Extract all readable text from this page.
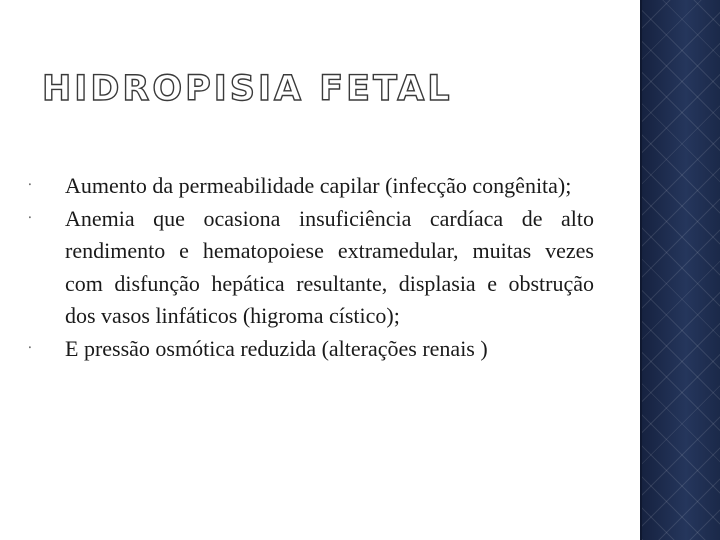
HIDROPISIA FETAL
⸱ Aumento da permeabilidade capilar (infecção congênita);
⸱ Anemia que ocasiona insuficiência cardíaca de alto rendimento e hematopoiese extramedular, muitas vezes com disfunção hepática resultante, displasia e obstrução dos vasos linfáticos (higroma cístico);
⸱ E pressão osmótica reduzida (alterações renais )
